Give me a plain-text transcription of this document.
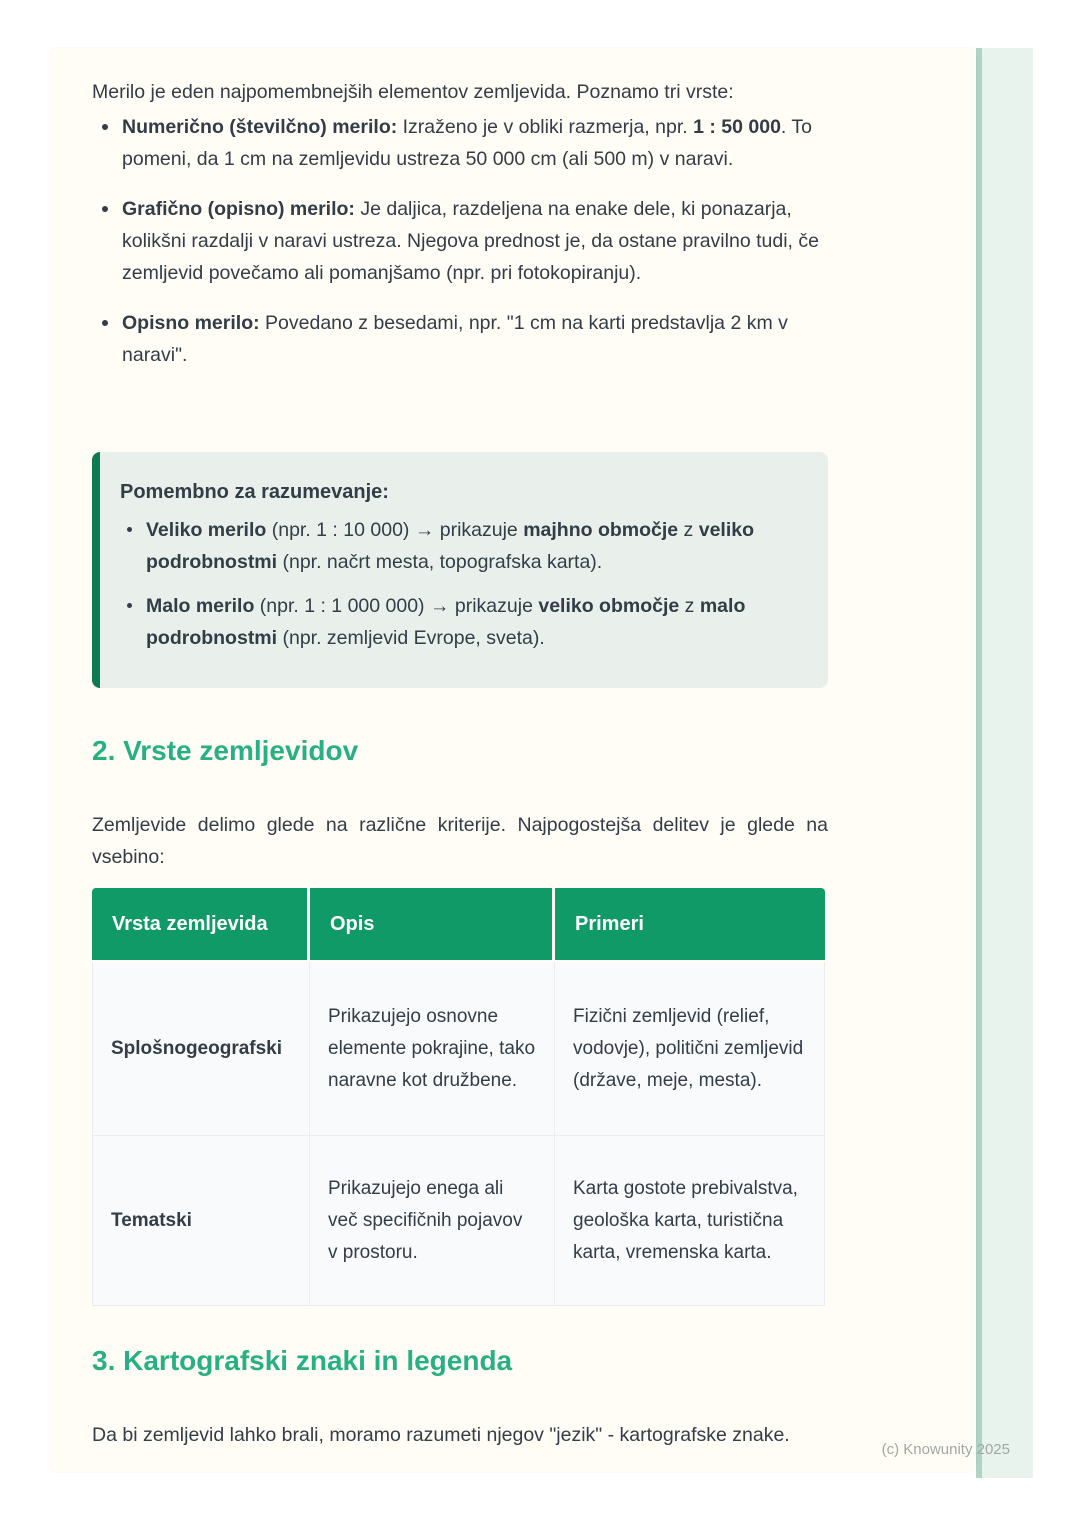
Merilo je eden najpomembnejših elementov zemljevida. Poznamo tri vrste:

Numerično (številčno) merilo: Izraženo je v obliki razmerja, npr. 1 : 50 000. To pomeni, da 1 cm na zemljevidu ustreza 50 000 cm (ali 500 m) v naravi.
Grafično (opisno) merilo: Je daljica, razdeljena na enake dele, ki ponazarja, kolikšni razdalji v naravi ustreza. Njegova prednost je, da ostane pravilno tudi, če zemljevid povečamo ali pomanjšamo (npr. pri fotokopiranju).
Opisno merilo: Povedano z besedami, npr. "1 cm na karti predstavlja 2 km v naravi".

Pomembno za razumevanje:

Veliko merilo (npr. 1 : 10 000) → prikazuje majhno območje z veliko podrobnostmi (npr. načrt mesta, topografska karta).
Malo merilo (npr. 1 : 1 000 000) → prikazuje veliko območje z malo podrobnostmi (npr. zemljevid Evrope, sveta).
2. Vrste zemljevidov

Zemljevide delimo glede na različne kriterije. Najpogostejša delitev je glede na vsebino:

Vrsta zemljevida	Opis	Primeri
Splošnogeografski	Prikazujejo osnovne elemente pokrajine, tako naravne kot družbene.	Fizični zemljevid (relief, vodovje), politični zemljevid (države, meje, mesta).
Tematski	Prikazujejo enega ali več specifičnih pojavov v prostoru.	Karta gostote prebivalstva, geološka karta, turistična karta, vremenska karta.
3. Kartografski znaki in legenda

Da bi zemljevid lahko brali, moramo razumeti njegov "jezik" - kartografske znake.

(c) Knowunity 2025
